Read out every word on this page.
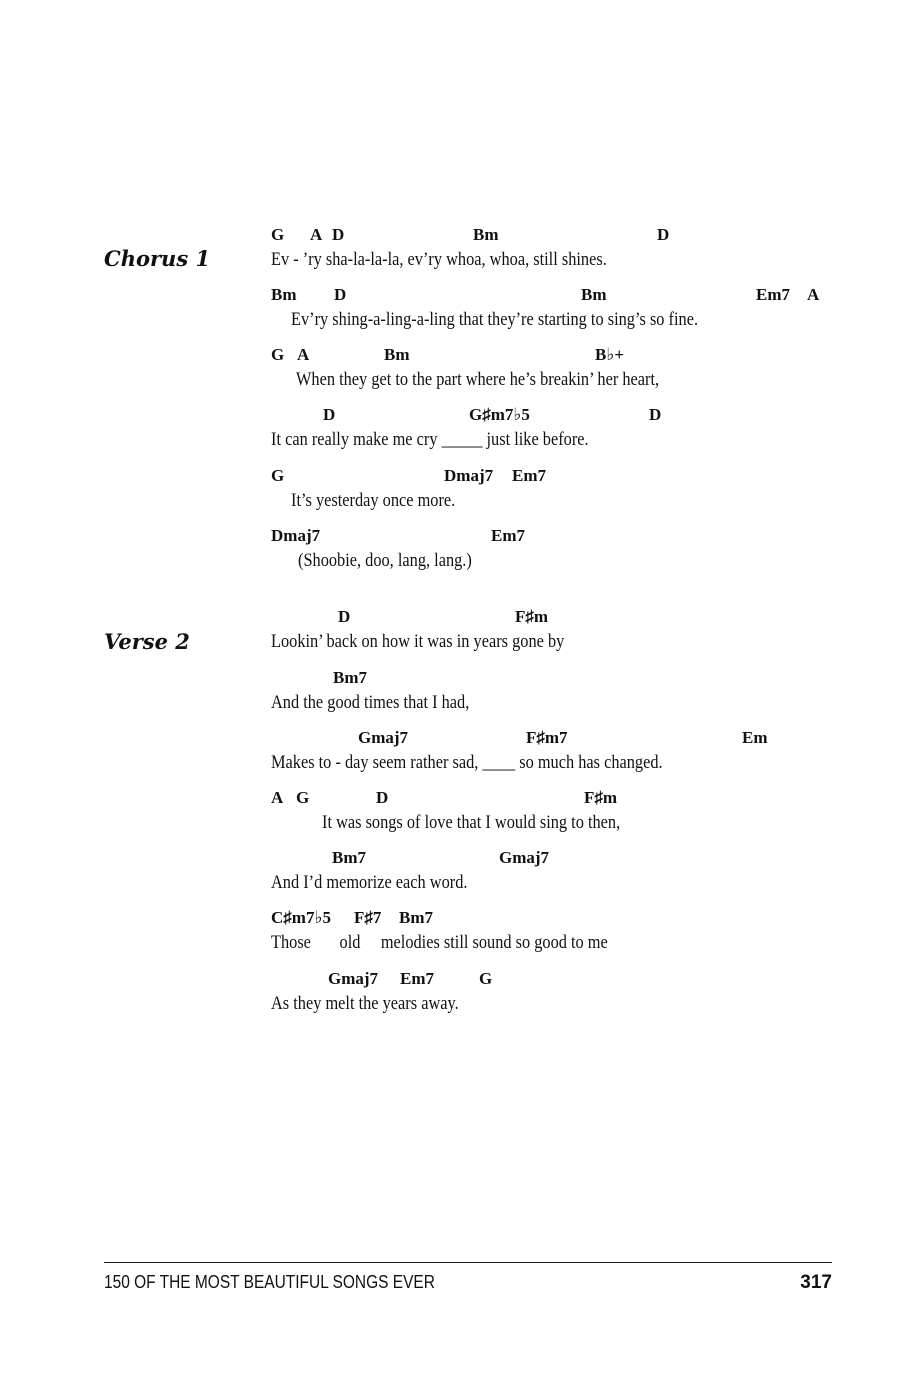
Chorus 1
Verse 2
G A D	Bm	D
Ev - ’ry sha-la-la-la, ev’ry whoa, whoa, still shines.
Bm D	Bm	Em7 A
Ev’ry shing-a-ling-a-ling that they’re starting to sing’s so fine.
G A	Bm	B♭+
When they get to the part where he’s breakin’ her heart,
D	G♯m7♭5	D
It can really make me cry _____ just like before.
G	Dmaj7 Em7
It’s yesterday once more.
Dmaj7	Em7
(Shoobie, doo, lang, lang.)
D	F♯m
Lookin’ back on how it was in years gone by
Bm7
And the good times that I had,
Gmaj7	F♯m7	Em
Makes to - day seem rather sad, ____ so much has changed.
A G	D	F♯m
It was songs of love that I would sing to then,
Bm7	Gmaj7
And I’d memorize each word.
C♯m7♭5 F♯7 Bm7
Those       old     melodies still sound so good to me
Gmaj7 Em7	G
As they melt the years away.
150 OF THE MOST BEAUTIFUL SONGS EVER	317
